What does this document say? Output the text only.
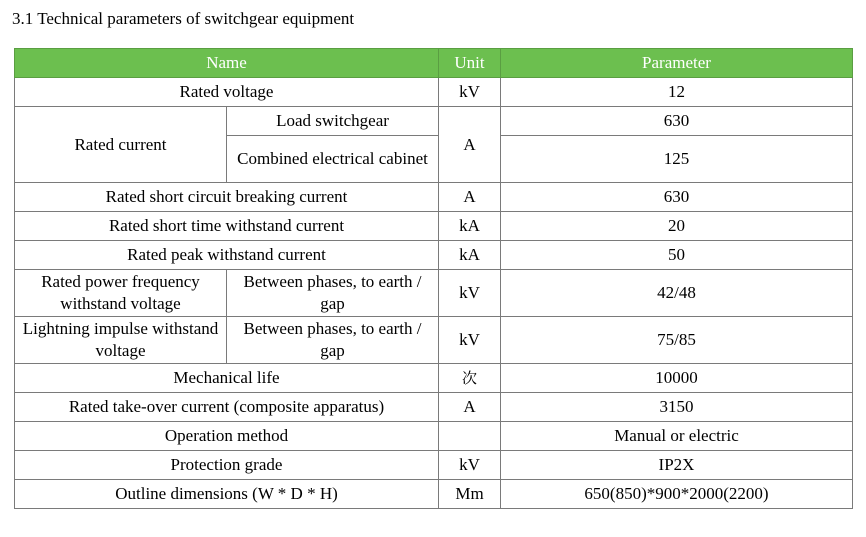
3.1 Technical parameters of switchgear equipment
Name		Unit	Parameter
Rated voltage		kV	12
Rated current	Load switchgear	A	630
	Combined electrical cabinet		125
Rated short circuit breaking current		A	630
Rated short time withstand current		kA	20
Rated peak withstand current		kA	50
Rated power frequency withstand voltage	Between phases, to earth / gap	kV	42/48
Lightning impulse withstand voltage	Between phases, to earth / gap	kV	75/85
Mechanical life		次	10000
Rated take-over current (composite apparatus)		A	3150
Operation method			Manual or electric
Protection grade		kV	IP2X
Outline dimensions (W * D * H)		Mm	650(850)*900*2000(2200)
